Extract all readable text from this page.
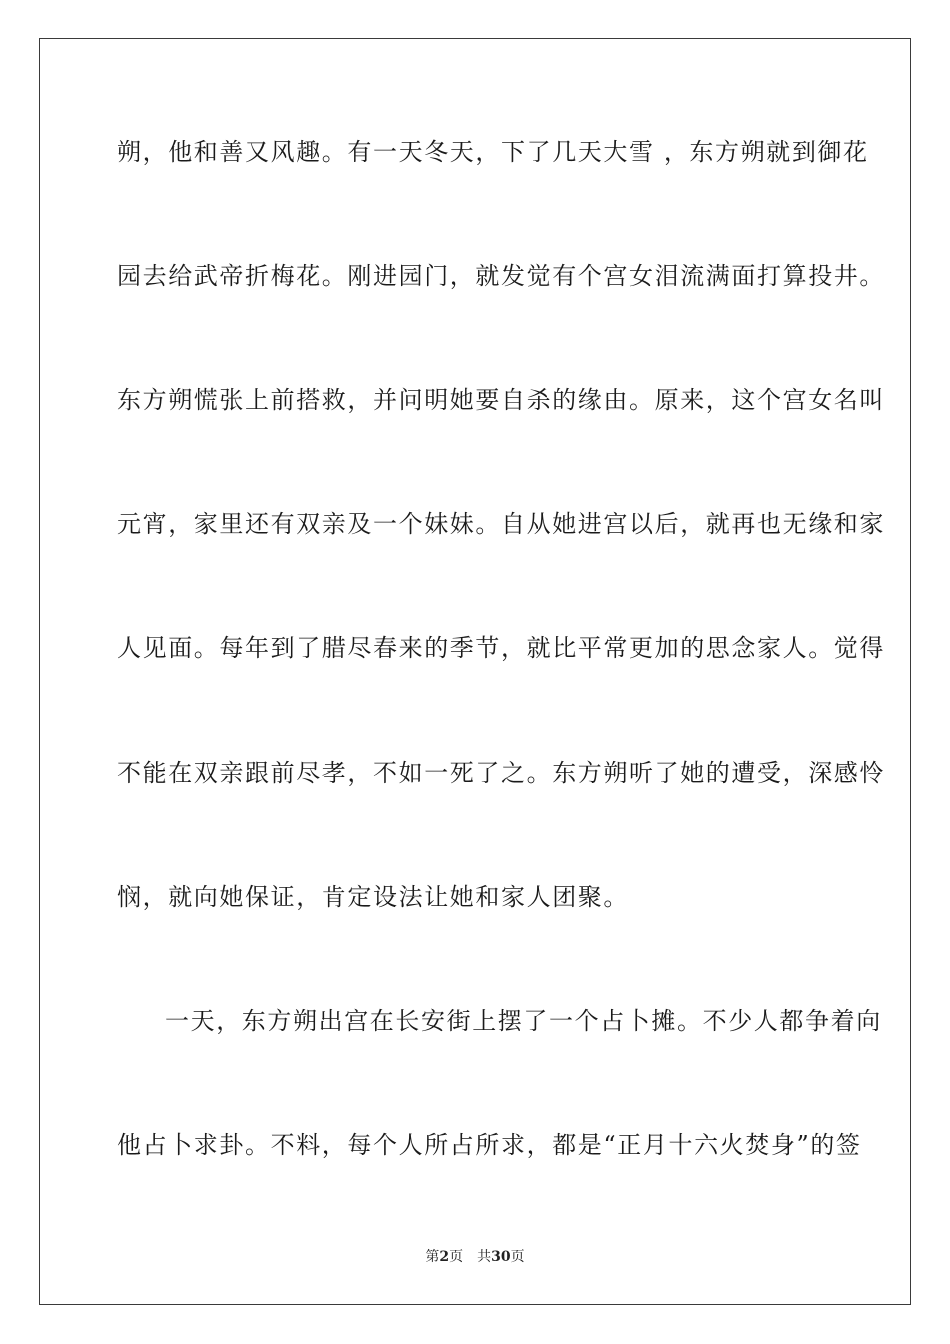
朔，他和善又风趣。有一天冬天，下了几天大雪 ，东方朔就到御花
园去给武帝折梅花。刚进园门，就发觉有个宫女泪流满面打算投井。
东方朔慌张上前搭救，并问明她要自杀的缘由。原来，这个宫女名叫
元宵，家里还有双亲及一个妹妹。自从她进宫以后，就再也无缘和家
人见面。每年到了腊尽春来的季节，就比平常更加的思念家人。觉得
不能在双亲跟前尽孝，不如一死了之。东方朔听了她的遭受，深感怜
悯，就向她保证，肯定设法让她和家人团聚。
一天，东方朔出宫在长安街上摆了一个占卜摊。不少人都争着向
他占卜求卦。不料，每个人所占所求，都是“正月十六火焚身”的签
第2页 共30页
